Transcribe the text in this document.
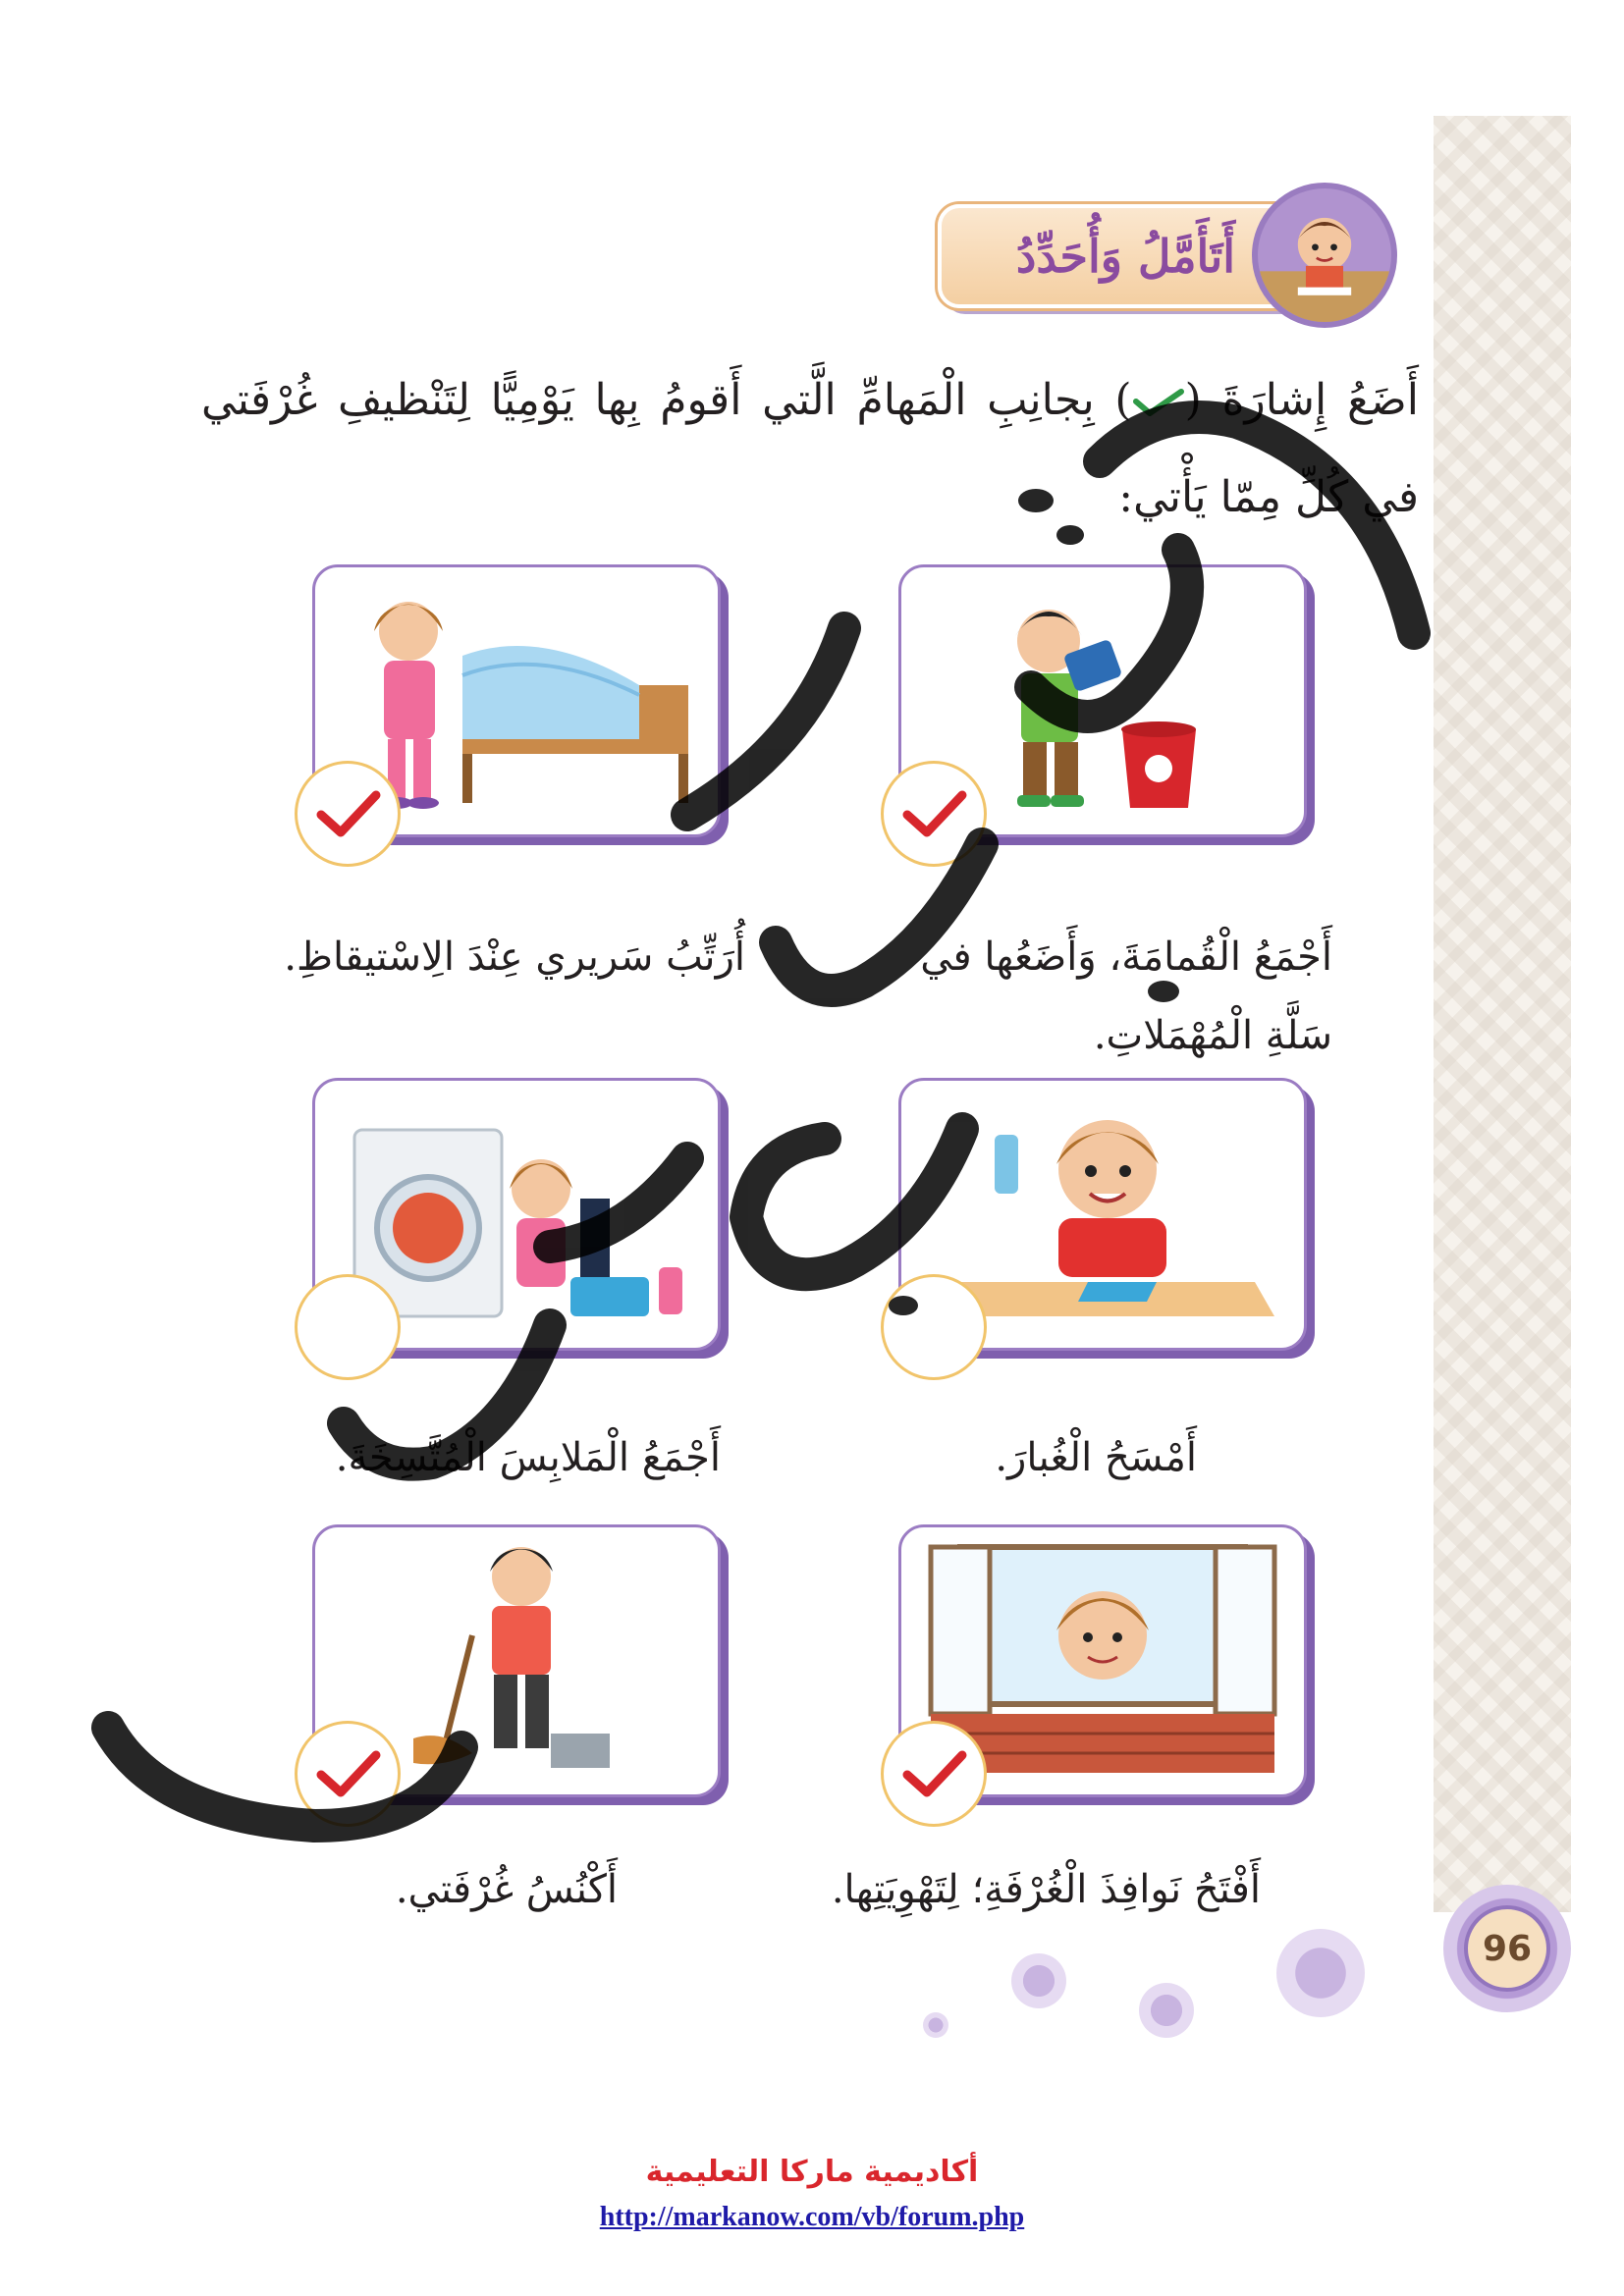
أَتَأَمَّلُ وَأُحَدِّدُ
أَضَعُ إِشارَةَ () بِجانِبِ الْمَهامِّ الَّتي أَقومُ بِها يَوْمِيًّا لِتَنْظيفِ غُرْفَتي في كُلِّ مِمّا يَأْتي:
أَجْمَعُ الْقُمامَةَ، وَأَضَعُها في سَلَّةِ الْمُهْمَلاتِ.
أُرَتِّبُ سَريري عِنْدَ الِاسْتيقاظِ.
أَمْسَحُ الْغُبارَ.
أَجْمَعُ الْمَلابِسَ الْمُتَّسِخَةَ.
أَفْتَحُ نَوافِذَ الْغُرْفَةِ؛ لِتَهْوِيَتِها.
أَكْنُسُ غُرْفَتي.
96
أكاديمية ماركا التعليمية
http://markanow.com/vb/forum.php
